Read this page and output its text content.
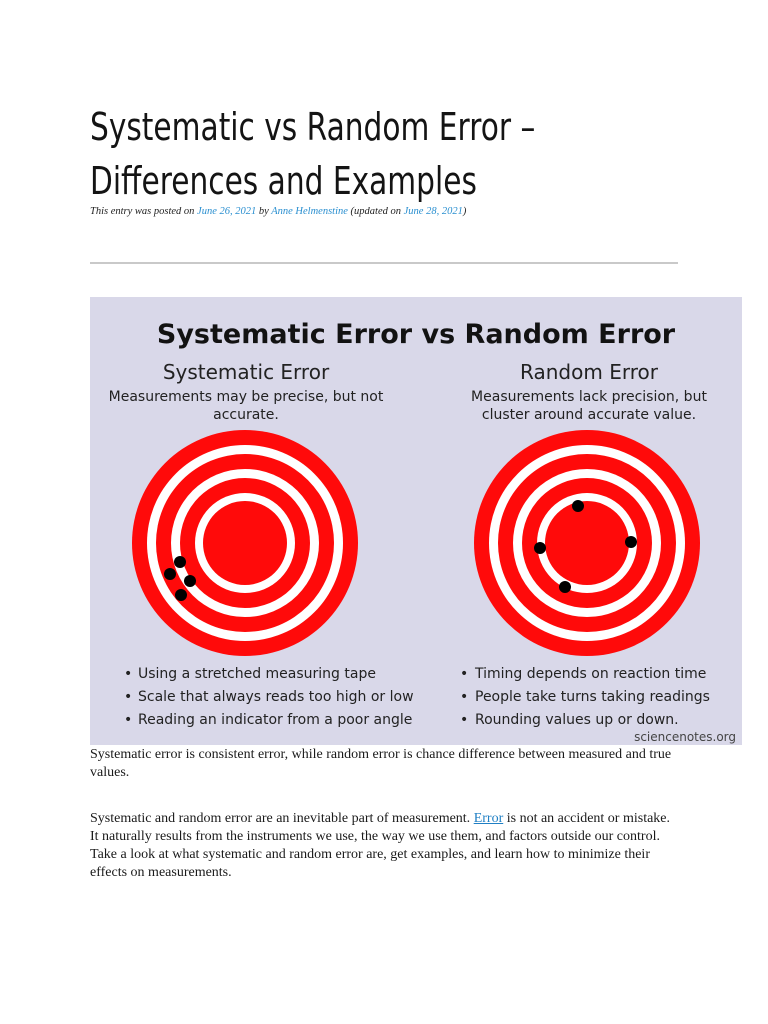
Systematic vs Random Error –
Differences and Examples
This entry was posted on June 26, 2021 by Anne Helmenstine (updated on June 28, 2021)
Systematic Error vs Random Error
Systematic Error
Measurements may be precise, but not
accurate.
Random Error
Measurements lack precision, but
cluster around accurate value.
• Using a stretched measuring tape
• Scale that always reads too high or low
• Reading an indicator from a poor angle
• Timing depends on reaction time
• People take turns taking readings
• Rounding values up or down.
sciencenotes.org

Systematic error is consistent error, while random error is chance difference between measured and true values.

Systematic and random error are an inevitable part of measurement. Error is not an accident or mistake. It naturally results from the instruments we use, the way we use them, and factors outside our control. Take a look at what systematic and random error are, get examples, and learn how to minimize their effects on measurements.
